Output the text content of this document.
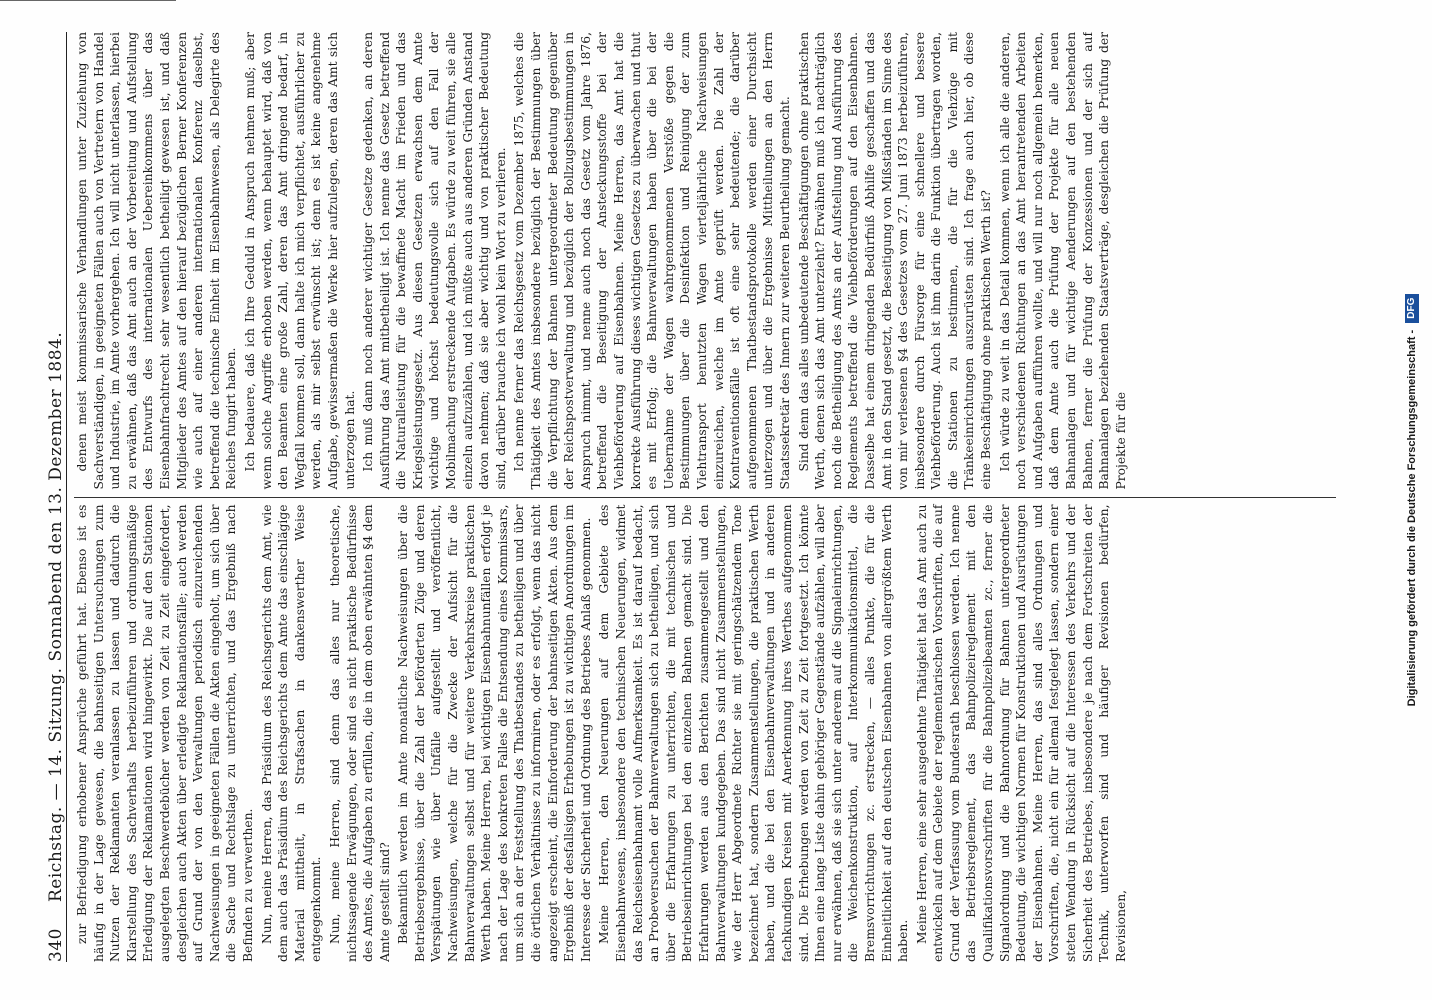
340
Reichstag. — 14. Sitzung. Sonnabend den 13. Dezember 1884. zur Befriedigung erhobener Ansprüche geführt hat. Ebenso ist es häufig in der Lage gewesen, die bahnseitigen Untersuchungen zum Nutzen der Reklamanten veranlassen zu lassen und dadurch die Klarstellung des Sachverhalts herbeizuführen und ordnungsmäßige Erledigung der Reklamationen wird hingewirkt. Die auf den Stationen ausgelegten Beschwerdebücher werden von Zeit zu Zeit eingefordert, desgleichen auch Akten über erledigte Reklamationsfälle; auch werden auf Grund der von den Verwaltungen periodisch einzureichenden Nachweisungen in geeigneten Fällen die Akten eingeholt, um sich über die Sache und Rechtslage zu unterrichten, und das Ergebniß nach Befinden zu verwerthen. Nun, meine Herren, das Präsidium des Reichsgerichts dem Amt, wie dem auch das Präsidium des Reichsgerichts dem Amte das einschlägige Material mittheilt, in Strafsachen in dankenswerther Weise entgegenkommt. Nun, meine Herren, sind denn das alles nur theoretische, nichtssagende Erwägungen, oder sind es nicht praktische Bedürfnisse des Amtes, die Aufgaben zu erfüllen, die in dem oben erwähnten §4 dem Amte gestellt sind? Bekanntlich werden im Amte monatliche Nachweisungen über die Betriebsergebnisse, über die Zahl der beförderten Züge und deren Verspätungen wie über Unfälle aufgestellt und veröffentlicht, Nachweisungen, welche für die Zwecke der Aufsicht für die Bahnverwaltungen selbst und für weitere Verkehrskreise praktischen Werth haben. Meine Herren, bei wichtigen Eisenbahnunfällen erfolgt je nach der Lage des konkreten Falles die Entsendung eines Kommissars, um sich an der Feststellung des Thatbestandes zu betheiligen und über die örtlichen Verhältnisse zu informiren, oder es erfolgt, wenn das nicht angezeigt erscheint, die Einforderung der bahnseitigen Akten. Aus dem Ergebniß der desfallsigen Erhebungen ist zu wichtigen Anordnungen im Interesse der Sicherheit und Ordnung des Betriebes Anlaß genommen. Meine Herren, den Neuerungen auf dem Gebiete des Eisenbahnwesens, insbesondere den technischen Neuerungen, widmet das Reichseisenbahnamt volle Aufmerksamkeit. Es ist darauf bedacht, an Probeversuchen der Bahnverwaltungen sich zu betheiligen, und sich über die Erfahrungen zu unterrichten, die mit technischen und Betriebseinrichtungen bei den einzelnen Bahnen gemacht sind. Die Erfahrungen werden aus den Berichten zusammengestellt und den Bahnverwaltungen kundgegeben. Das sind nicht Zusammenstellungen, wie der Herr Abgeordnete Richter sie mit geringschätzendem Tone bezeichnet hat, sondern Zusammenstellungen, die praktischen Werth haben, und die bei den Eisenbahnverwaltungen und in anderen fachkundigen Kreisen mit Anerkennung ihres Werthes aufgenommen sind. Die Erhebungen werden von Zeit zu Zeit fortgesetzt. Ich könnte Ihnen eine lange Liste dahin gehöriger Gegenstände aufzählen, will aber nur erwähnen, daß sie sich unter anderem auf die Signaleinrichtungen, die Weichenkonstruktion, auf Interkommunikationsmittel, die Bremsvorrichtungen zc. erstrecken, — alles Punkte, die für die Einheitlichkeit auf den deutschen Eisenbahnen von allergrößtem Werth haben. Meine Herren, eine sehr ausgedehnte Thätigkeit hat das Amt auch zu entwickeln auf dem Gebiete der reglementarischen Vorschriften, die auf Grund der Verfassung vom Bundesrath beschlossen werden. Ich nenne das Betriebsreglement, das Bahnpolizeireglement mit den Qualifikationsvorschriften für die Bahnpolizeibeamten zc., ferner die Signalordnung und die Bahnordnung für Bahnen untergeordneter Bedeutung, die wichtigen Normen für Konstruktionen und Ausrüstungen der Eisenbahnen. Meine Herren, das sind alles Ordnungen und Vorschriften, die, nicht ein für allemal festgelegt lassen, sondern einer steten Wendung in Rücksicht auf die Interessen des Verkehrs und der Sicherheit des Betriebes, insbesondere je nach dem Fortschreiten der Technik, unterworfen sind und häufiger Revisionen bedürfen, Revisionen,

denen meist kommissarische Verhandlungen unter Zuziehung von Sachverständigen, in geeigneten Fällen auch von Vertretern von Handel und Industrie, im Amte vorhergehen. Ich will nicht unterlassen, hierbei zu erwähnen, daß das Amt auch an der Vorbereitung und Aufstellung des Entwurfs des internationalen Uebereinkommens über das Eisenbahnfrachtrecht sehr wesentlich betheiligt gewesen ist, und daß Mitglieder des Amtes auf den hierauf bezüglichen Berner Konferenzen wie auch auf einer anderen internationalen Konferenz daselbst, betreffend die technische Einheit im Eisenbahnwesen, als Delegirte des Reiches fungirt haben. Ich bedauere, daß ich Ihre Geduld in Anspruch nehmen muß; aber wenn solche Angriffe erhoben werden, wenn behauptet wird, daß von den Beamten eine große Zahl, deren das Amt dringend bedarf, in Wegfall kommen soll, dann halte ich mich verpflichtet, ausführlicher zu werden, als mir selbst erwünscht ist; denn es ist keine angenehme Aufgabe, gewissermaßen die Werke hier aufzulegen, deren das Amt sich unterzogen hat. Ich muß dann noch anderer wichtiger Gesetze gedenken, an deren Ausführung das Amt mitbetheiligt ist. Ich nenne das Gesetz betreffend die Naturalleistung für die bewaffnete Macht im Frieden und das Kriegsleistungsgesetz. Aus diesen Gesetzen erwachsen dem Amte wichtige und höchst bedeutungsvolle sich auf den Fall der Mobilmachung erstreckende Aufgaben. Es würde zu weit führen, sie alle einzeln aufzuzählen, und ich müßte auch aus anderen Gründen Anstand davon nehmen; daß sie aber wichtig und von praktischer Bedeutung sind, darüber brauche ich wohl kein Wort zu verlieren. Ich nenne ferner das Reichsgesetz vom Dezember 1875, welches die Thätigkeit des Amtes insbesondere bezüglich der Bestimmungen über die Verpflichtung der Bahnen untergeordneter Bedeutung gegenüber der Reichspostverwaltung und bezüglich der Bollzugsbestimmungen in Anspruch nimmt, und nenne auch noch das Gesetz vom Jahre 1876, betreffend die Beseitigung der Ansteckungsstoffe bei der Viehbeförderung auf Eisenbahnen. Meine Herren, das Amt hat die korrekte Ausführung dieses wichtigen Gesetzes zu überwachen und thut es mit Erfolg; die Bahnverwaltungen haben über die bei der Uebernahme der Wagen wahrgenommenen Verstöße gegen die Bestimmungen über die Desinfektion und Reinigung der zum Viehtransport benutzten Wagen vierteljährliche Nachweisungen einzureichen, welche im Amte geprüft werden. Die Zahl der Kontraventionsfälle ist oft eine sehr bedeutende; die darüber aufgenommenen Thatbestandsprotokolle werden einer Durchsicht unterzogen und über die Ergebnisse Mittheilungen an den Herrn Staatssekretär des Innern zur weiteren Beurtheilung gemacht. Sind denn das alles unbedeutende Beschäftigungen ohne praktischen Werth, denen sich das Amt unterzieht? Erwähnen muß ich nachträglich noch die Betheiligung des Amts an der Aufstellung und Ausführung des Reglements betreffend die Viehbeförderungen auf den Eisenbahnen. Dasselbe hat einem dringenden Bedürfniß Abhilfe geschaffen und das Amt in den Stand gesetzt, die Beseitigung von Mißständen im Sinne des von mir verlesenen §4 des Gesetzes vom 27. Juni 1873 herbeizuführen, insbesondere durch Fürsorge für eine schnellere und bessere Viehbeförderung. Auch ist ihm darin die Funktion übertragen worden, die Stationen zu bestimmen, die für die Viehzüge mit Tränkeeinrichtungen auszurüsten sind. Ich frage auch hier, ob diese eine Beschäftigung ohne praktischen Werth ist? Ich würde zu weit in das Detail kommen, wenn ich alle die anderen, noch verschiedenen Richtungen an das Amt herantretenden Arbeiten und Aufgaben aufführen wollte, und will nur noch allgemein bemerken, daß dem Amte auch die Prüfung der Projekte für alle neuen Bahnanlagen und für wichtige Aenderungen auf den bestehenden Bahnen, ferner die Prüfung der Konzessionen und der sich auf Bahnanlagen beziehenden Staatsverträge, desgleichen die Prüfung der Projekte für die	Digitalisierung gefördert durch die Deutsche Forschungsgemeinschaft - DFG
